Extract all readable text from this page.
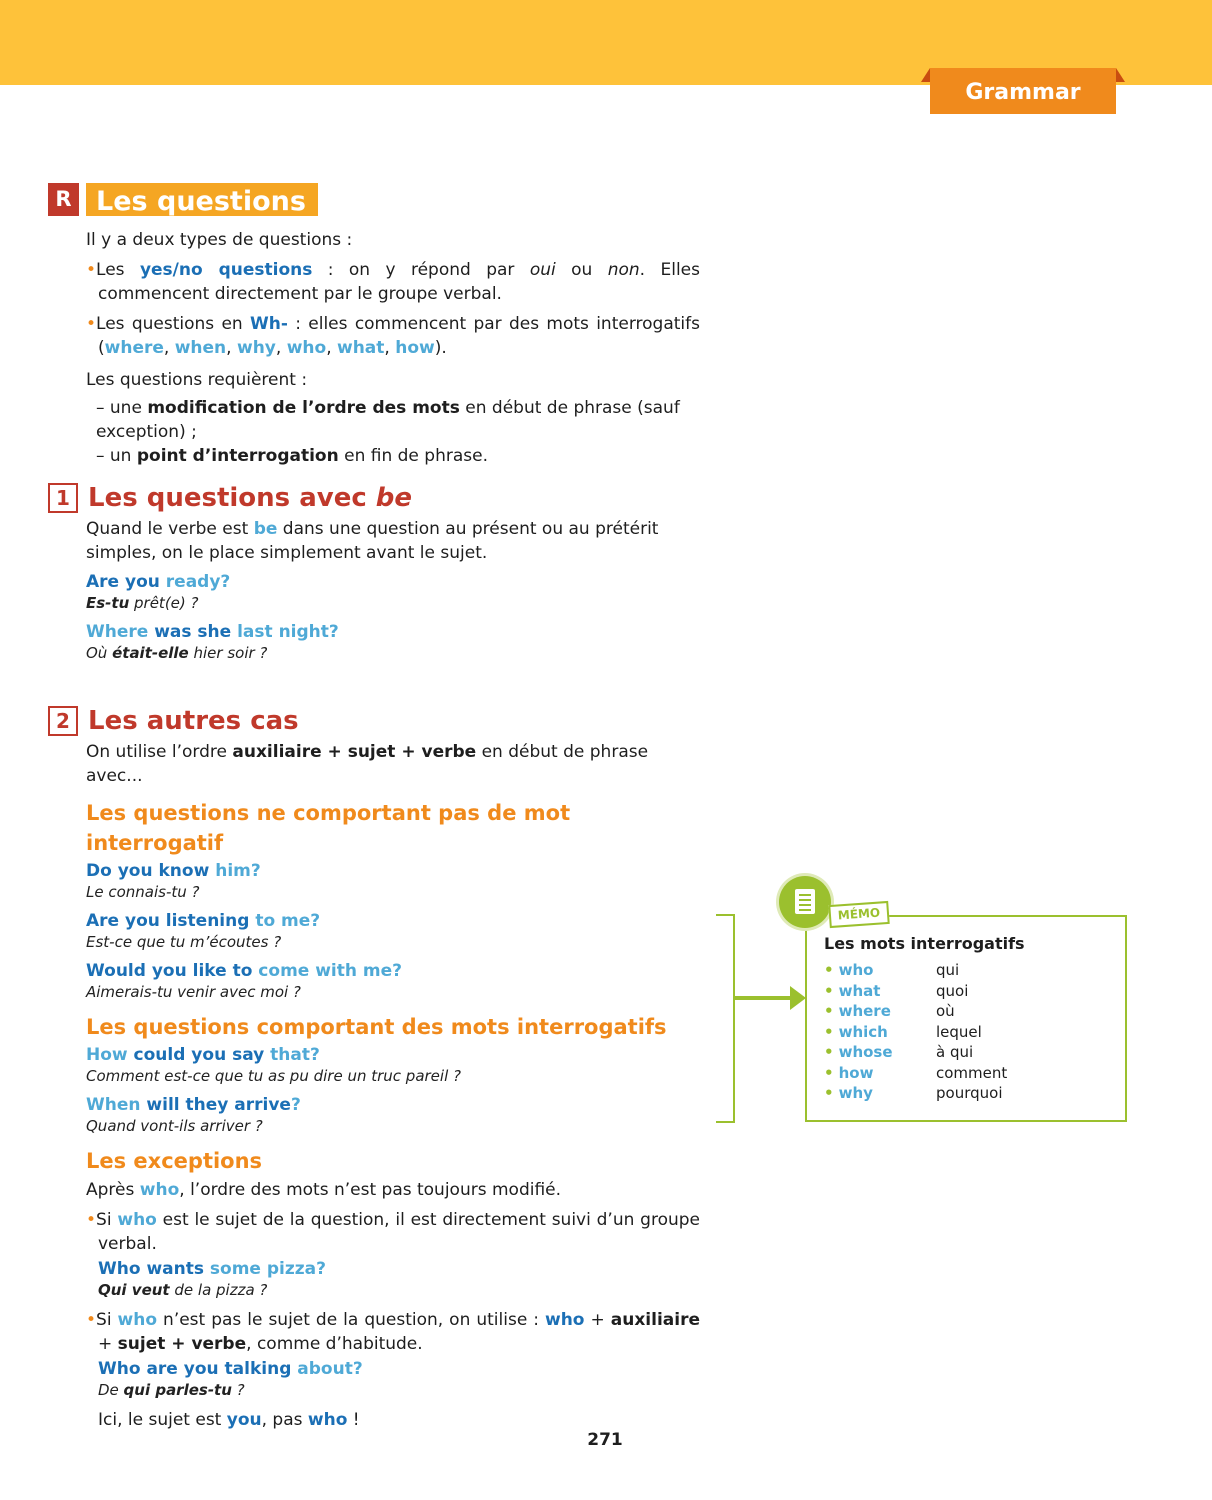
Grammar
R Les questions
Il y a deux types de questions :
•Les yes/no questions : on y répond par oui ou non. Elles commencent directement par le groupe verbal.
•Les questions en Wh- : elles commencent par des mots interrogatifs (where, when, why, who, what, how).
Les questions requièrent :
– une modification de l’ordre des mots en début de phrase (sauf exception) ;
– un point d’interrogation en fin de phrase.
1 Les questions avec be
Quand le verbe est be dans une question au présent ou au prétérit simples, on le place simplement avant le sujet.
Are you ready?
Es-tu prêt(e) ?
Where was she last night?
Où était-elle hier soir ?
2 Les autres cas
On utilise l’ordre auxiliaire + sujet + verbe en début de phrase avec...
Les questions ne comportant pas de mot interrogatif
Do you know him?
Le connais-tu ?
Are you listening to me?
Est-ce que tu m’écoutes ?
Would you like to come with me?
Aimerais-tu venir avec moi ?
Les questions comportant des mots interrogatifs
How could you say that?
Comment est-ce que tu as pu dire un truc pareil ?
When will they arrive?
Quand vont-ils arriver ?
Les exceptions
Après who, l’ordre des mots n’est pas toujours modifié.
•Si who est le sujet de la question, il est directement suivi d’un groupe verbal.
Who wants some pizza?
Qui veut de la pizza ?
•Si who n’est pas le sujet de la question, on utilise : who + auxiliaire + sujet + verbe, comme d’habitude.
Who are you talking about?
De qui parles-tu ?
Ici, le sujet est you, pas who !
MÉMO
Les mots interrogatifs
• who	qui
• what	quoi
• where	où
• which	lequel
• whose	à qui
• how	comment
• why	pourquoi
271
